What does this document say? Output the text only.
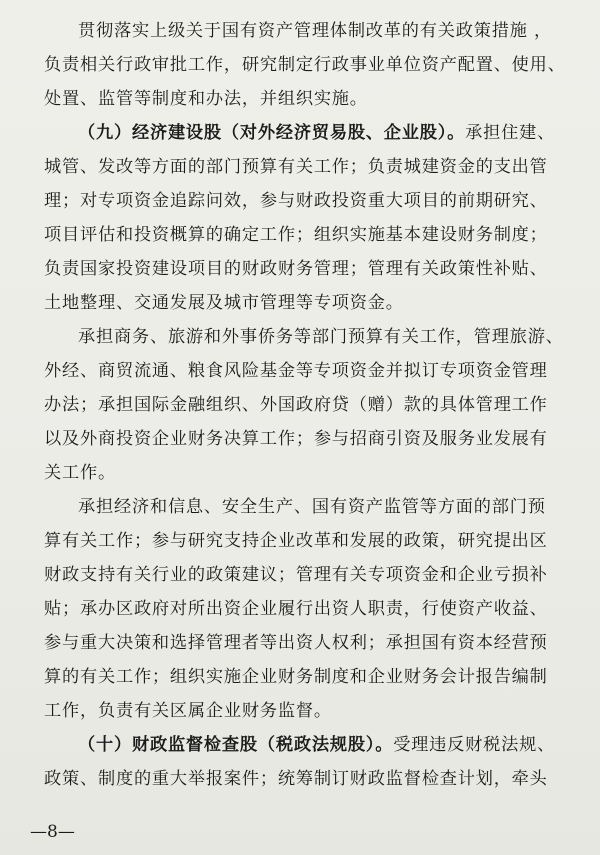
贯彻落实上级关于国有资产管理体制改革的有关政策措施 ，

负责相关行政审批工作，研究制定行政事业单位资产配置、使用、

处置、监管等制度和办法，并组织实施。

（九）经济建设股（对外经济贸易股、企业股）。承担住建、

城管、发改等方面的部门预算有关工作；负责城建资金的支出管

理；对专项资金追踪问效，参与财政投资重大项目的前期研究、

项目评估和投资概算的确定工作；组织实施基本建设财务制度；

负责国家投资建设项目的财政财务管理；管理有关政策性补贴、

土地整理、交通发展及城市管理等专项资金。

承担商务、旅游和外事侨务等部门预算有关工作，管理旅游、

外经、商贸流通、粮食风险基金等专项资金并拟订专项资金管理

办法；承担国际金融组织、外国政府贷（赠）款的具体管理工作

以及外商投资企业财务决算工作；参与招商引资及服务业发展有

关工作。

承担经济和信息、安全生产、国有资产监管等方面的部门预

算有关工作；参与研究支持企业改革和发展的政策，研究提出区

财政支持有关行业的政策建议；管理有关专项资金和企业亏损补

贴；承办区政府对所出资企业履行出资人职责，行使资产收益、

参与重大决策和选择管理者等出资人权利；承担国有资本经营预

算的有关工作；组织实施企业财务制度和企业财务会计报告编制

工作，负责有关区属企业财务监督。

（十）财政监督检查股（税政法规股）。受理违反财税法规、

政策、制度的重大举报案件；统筹制订财政监督检查计划，牵头

—8—
